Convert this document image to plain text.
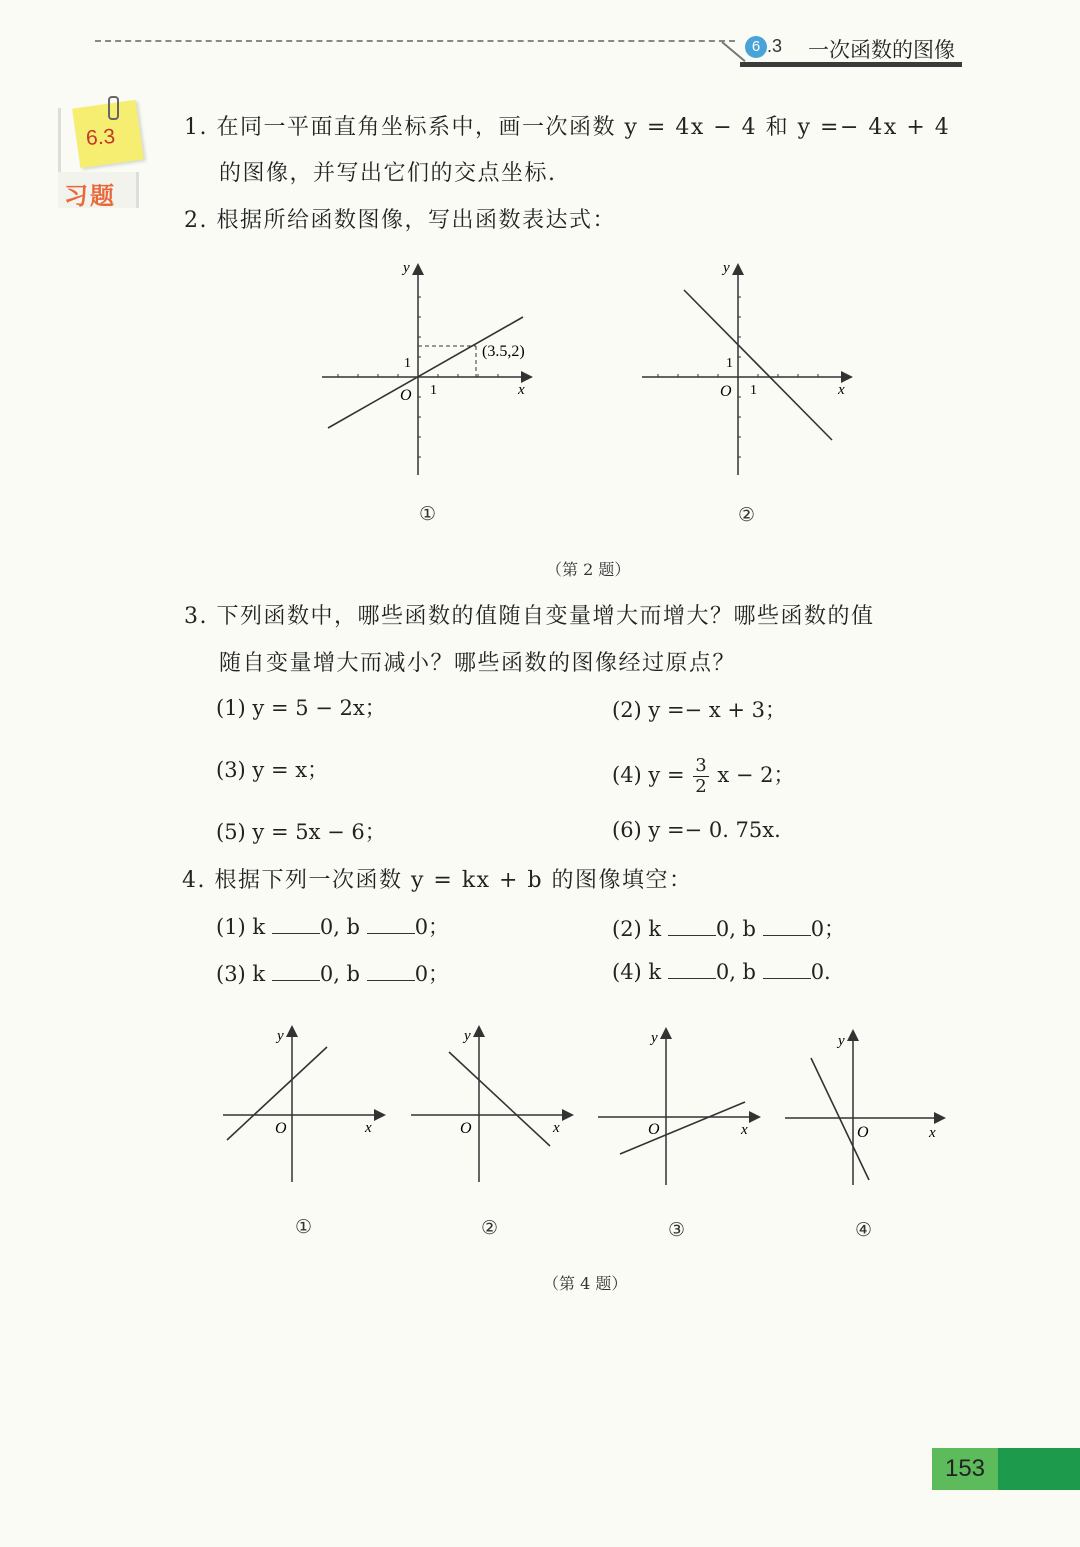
6 .3 一次函数的图像
6.3
习题
1. 在同一平面直角坐标系中，画一次函数 y = 4x − 4 和 y =− 4x + 4
的图像，并写出它们的交点坐标.
2. 根据所给函数图像，写出函数表达式：
(3.5,2)
y
x
O 1
1
y
x
O 1
1
①	②
（第 2 题）
3. 下列函数中，哪些函数的值随自变量增大而增大？哪些函数的值
随自变量增大而减小？哪些函数的图像经过原点？
(1) y = 5 − 2x；	(2) y =− x + 3；
(3) y = x；	(4) $y = \frac{3}{2}$ x − 2；
(5) y = 5x − 6；	(6) y =− 0. 75x.
4. 根据下列一次函数 y = kx + b 的图像填空：
(1) k	0, b	0；	(2) k	0, b	0；
(3) k	0, b	0；	(4) k	0, b	0.
y
x
O
y
x
O
y
x
O
y
x
O
①	②	③	④
（第 4 题）
153
